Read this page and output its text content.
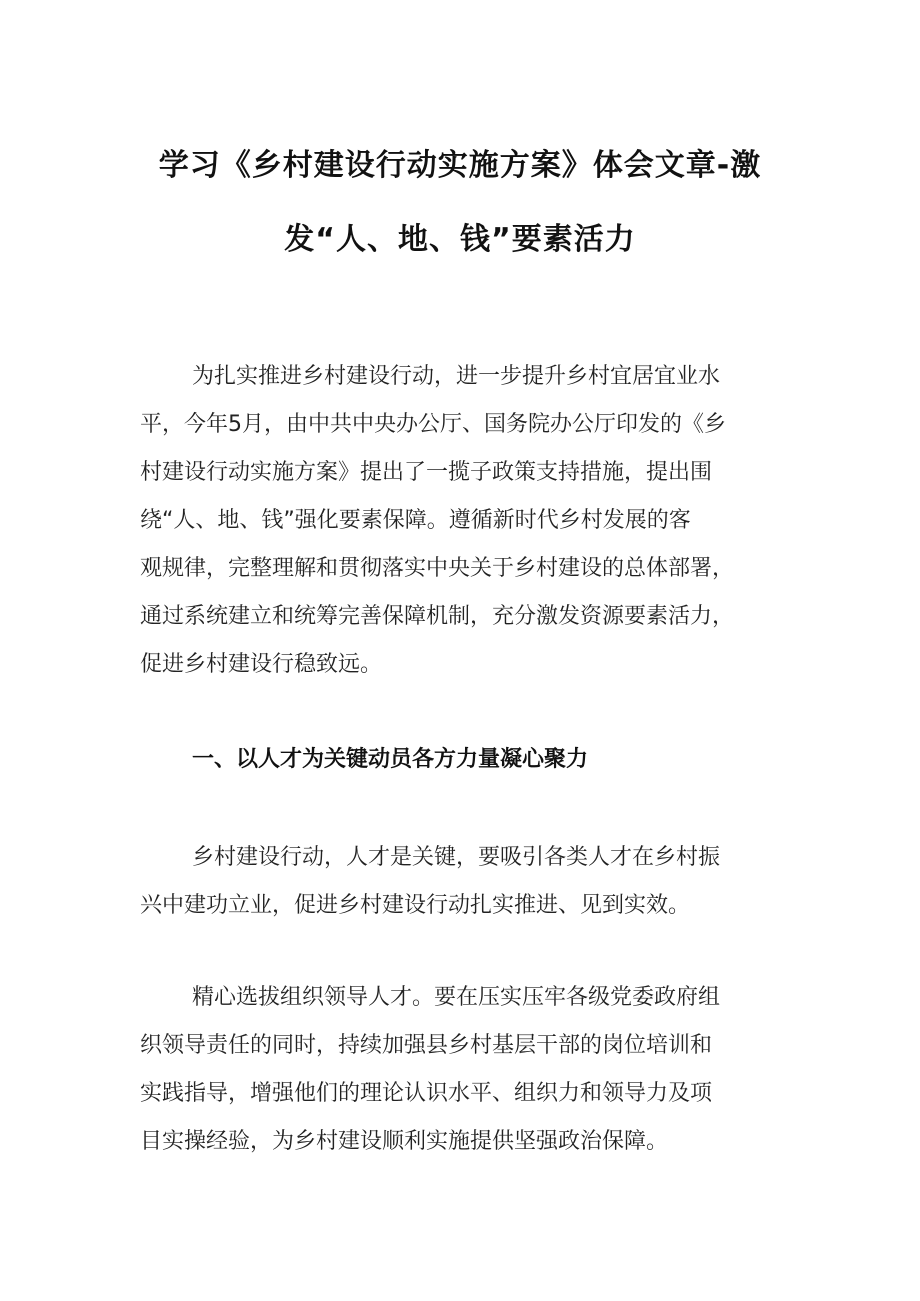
学习《乡村建设行动实施方案》体会文章-激
发“人、地、钱”要素活力
为扎实推进乡村建设行动，进一步提升乡村宜居宜业水
平，今年5月，由中共中央办公厅、国务院办公厅印发的《乡
村建设行动实施方案》提出了一揽子政策支持措施，提出围
绕“人、地、钱”强化要素保障。遵循新时代乡村发展的客
观规律，完整理解和贯彻落实中央关于乡村建设的总体部署，
通过系统建立和统筹完善保障机制，充分激发资源要素活力，
促进乡村建设行稳致远。
一、以人才为关键动员各方力量凝心聚力
乡村建设行动，人才是关键，要吸引各类人才在乡村振
兴中建功立业，促进乡村建设行动扎实推进、见到实效。
精心选拔组织领导人才。要在压实压牢各级党委政府组
织领导责任的同时，持续加强县乡村基层干部的岗位培训和
实践指导，增强他们的理论认识水平、组织力和领导力及项
目实操经验，为乡村建设顺利实施提供坚强政治保障。
